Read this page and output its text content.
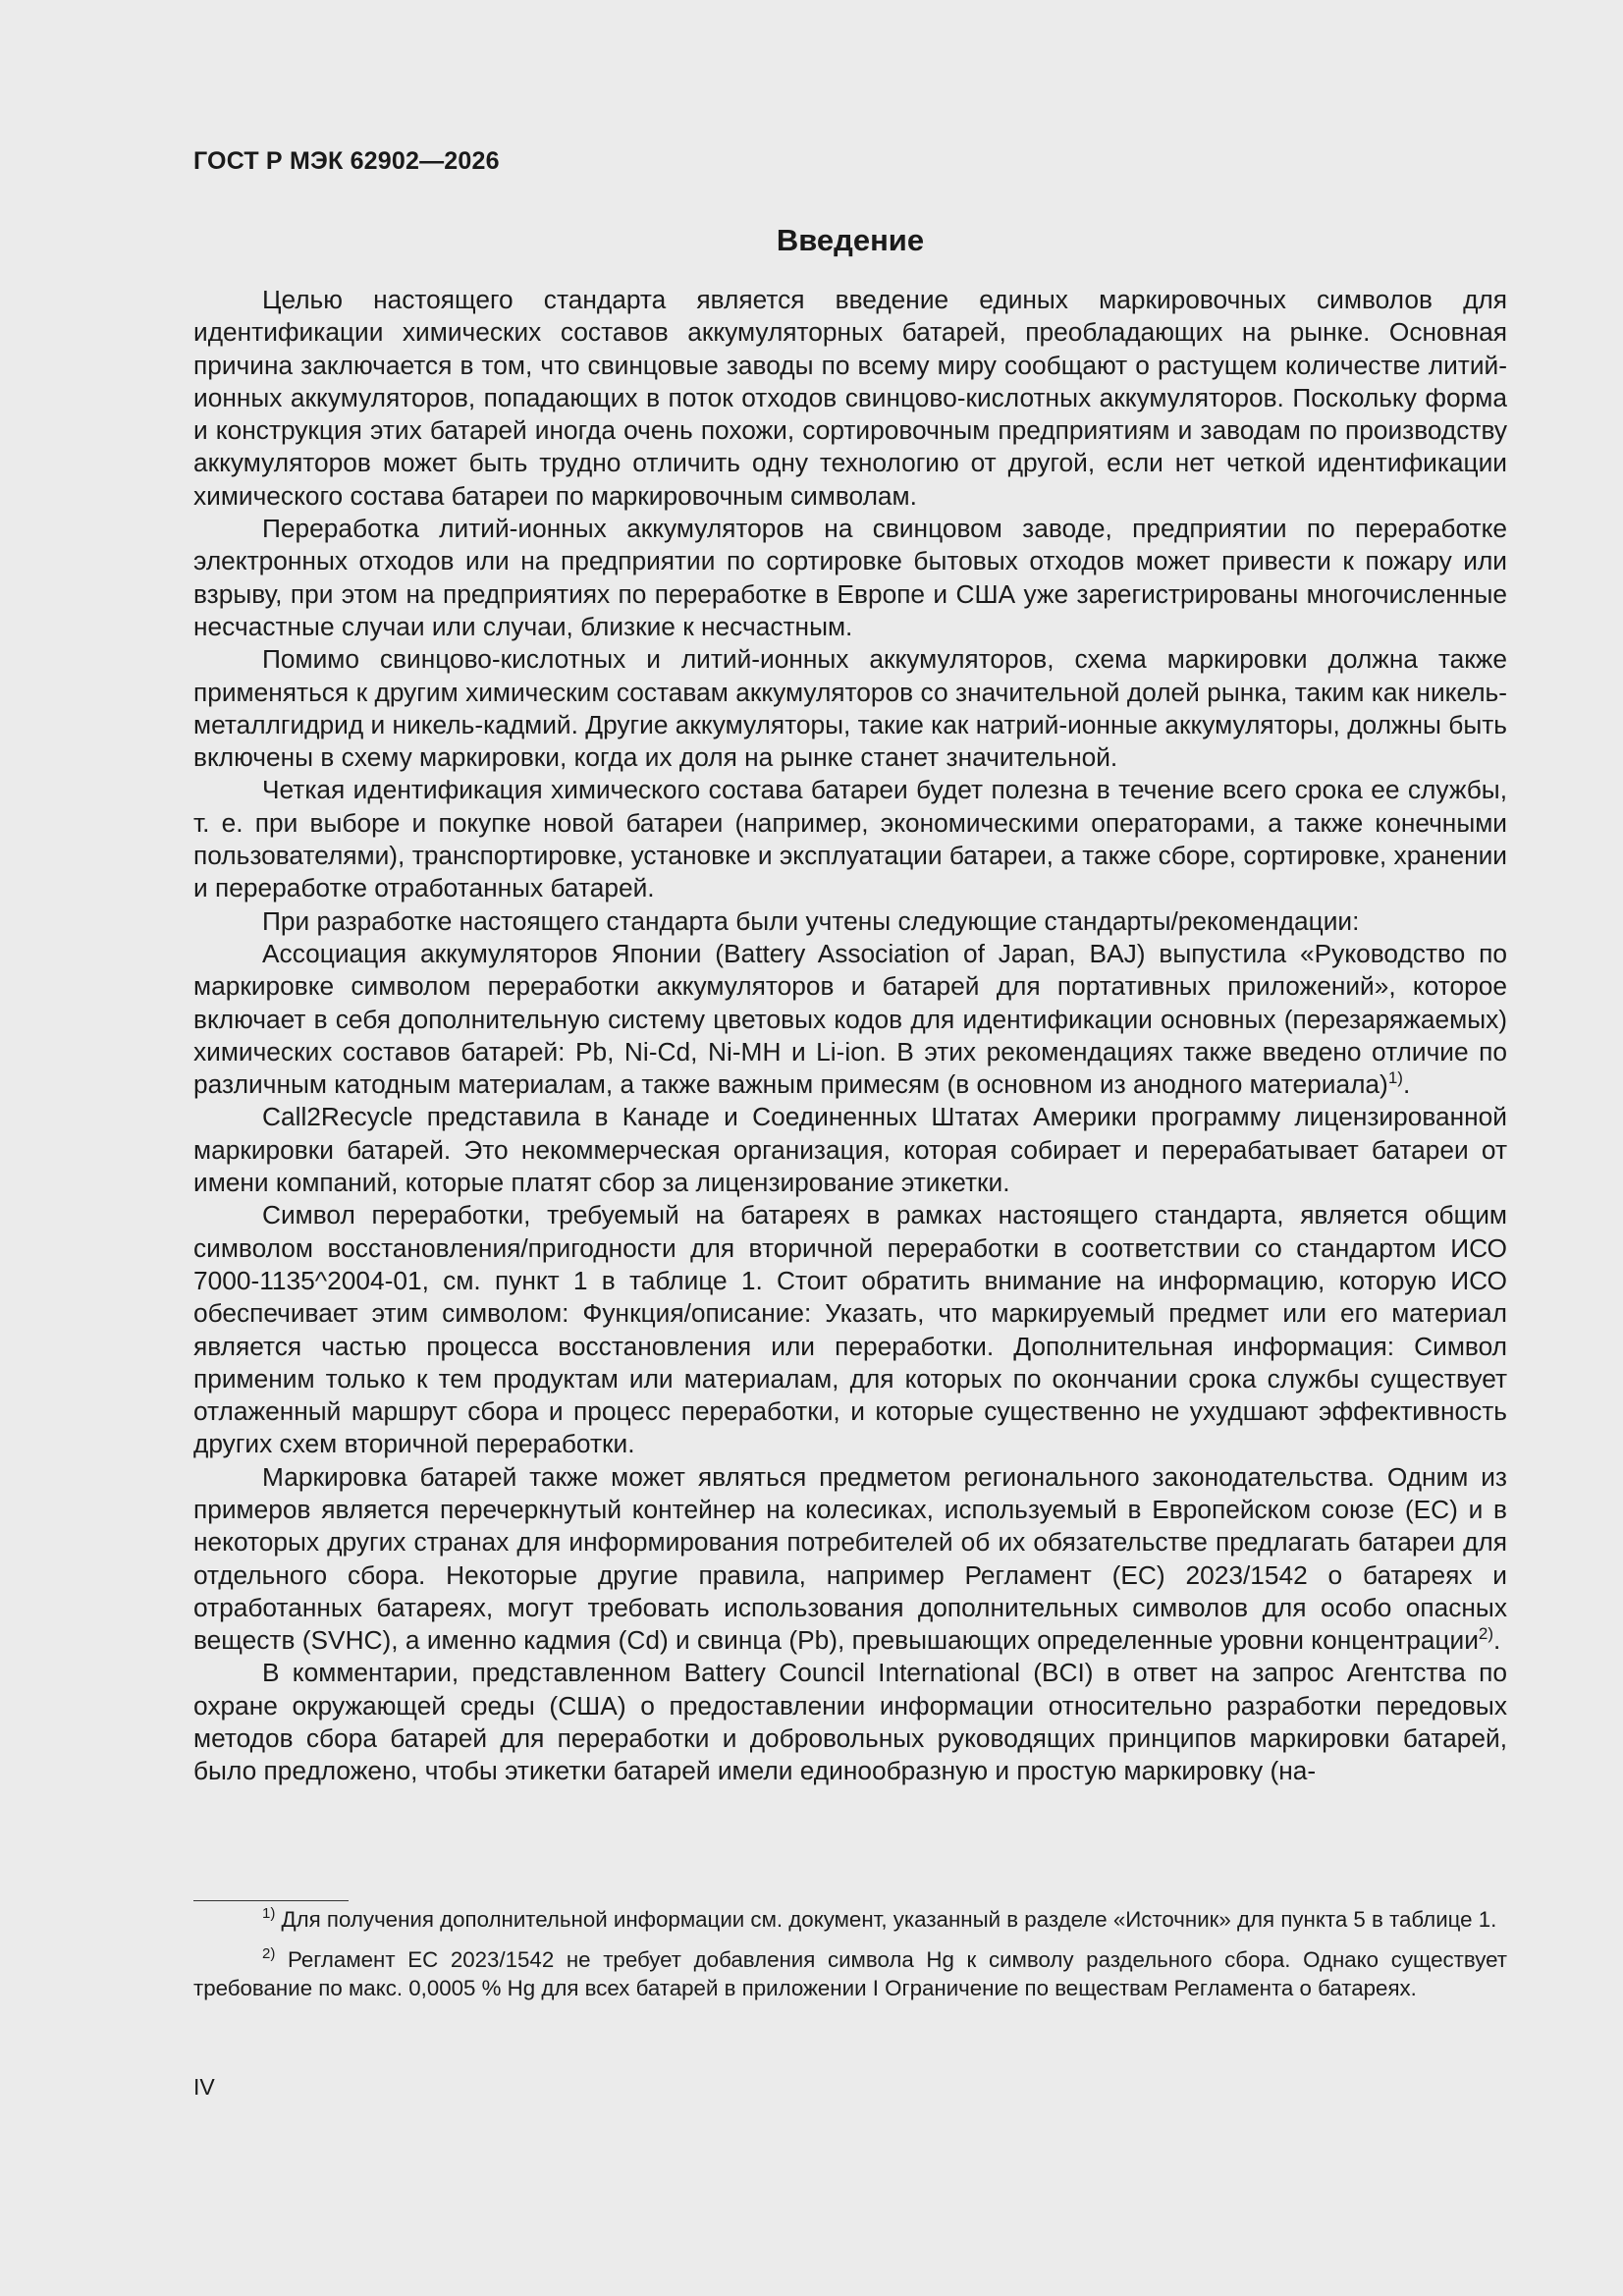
ГОСТ Р МЭК 62902—2026
Введение

Целью настоящего стандарта является введение единых маркировочных символов для идентификации химических составов аккумуляторных батарей, преобладающих на рынке. Основная причина заключается в том, что свинцовые заводы по всему миру сообщают о растущем количестве литий-ионных аккумуляторов, попадающих в поток отходов свинцово-кислотных аккумуляторов. Поскольку форма и конструкция этих батарей иногда очень похожи, сортировочным предприятиям и заводам по производству аккумуляторов может быть трудно отличить одну технологию от другой, если нет четкой идентификации химического состава батареи по маркировочным символам.

Переработка литий-ионных аккумуляторов на свинцовом заводе, предприятии по переработке электронных отходов или на предприятии по сортировке бытовых отходов может привести к пожару или взрыву, при этом на предприятиях по переработке в Европе и США уже зарегистрированы многочисленные несчастные случаи или случаи, близкие к несчастным.

Помимо свинцово-кислотных и литий-ионных аккумуляторов, схема маркировки должна также применяться к другим химическим составам аккумуляторов со значительной долей рынка, таким как никель-металлгидрид и никель-кадмий. Другие аккумуляторы, такие как натрий-ионные аккумуляторы, должны быть включены в схему маркировки, когда их доля на рынке станет значительной.

Четкая идентификация химического состава батареи будет полезна в течение всего срока ее службы, т. е. при выборе и покупке новой батареи (например, экономическими операторами, а также конечными пользователями), транспортировке, установке и эксплуатации батареи, а также сборе, сортировке, хранении и переработке отработанных батарей.

При разработке настоящего стандарта были учтены следующие стандарты/рекомендации:

Ассоциация аккумуляторов Японии (Battery Association of Japan, BAJ) выпустила «Руководство по маркировке символом переработки аккумуляторов и батарей для портативных приложений», которое включает в себя дополнительную систему цветовых кодов для идентификации основных (перезаряжаемых) химических составов батарей: Pb, Ni-Cd, Ni-MH и Li-ion. В этих рекомендациях также введено отличие по различным катодным материалам, а также важным примесям (в основном из анодного материала)$^{1)}$.

Call2Recycle представила в Канаде и Соединенных Штатах Америки программу лицензированной маркировки батарей. Это некоммерческая организация, которая собирает и перерабатывает батареи от имени компаний, которые платят сбор за лицензирование этикетки.

Символ переработки, требуемый на батареях в рамках настоящего стандарта, является общим символом восстановления/пригодности для вторичной переработки в соответствии со стандартом ИСО 7000-1135^2004-01, см. пункт 1 в таблице 1. Стоит обратить внимание на информацию, которую ИСО обеспечивает этим символом: Функция/описание: Указать, что маркируемый предмет или его материал является частью процесса восстановления или переработки. Дополнительная информация: Символ применим только к тем продуктам или материалам, для которых по окончании срока службы существует отлаженный маршрут сбора и процесс переработки, и которые существенно не ухудшают эффективность других схем вторичной переработки.

Маркировка батарей также может являться предметом регионального законодательства. Одним из примеров является перечеркнутый контейнер на колесиках, используемый в Европейском союзе (ЕС) и в некоторых других странах для информирования потребителей об их обязательстве предлагать батареи для отдельного сбора. Некоторые другие правила, например Регламент (ЕС) 2023/1542 о батареях и отработанных батареях, могут требовать использования дополнительных символов для особо опасных веществ (SVHC), а именно кадмия (Cd) и свинца (Pb), превышающих определенные уровни концентрации$^{2)}$.

В комментарии, представленном Battery Council International (BCI) в ответ на запрос Агентства по охране окружающей среды (США) о предоставлении информации относительно разработки передовых методов сбора батарей для переработки и добровольных руководящих принципов маркировки батарей, было предложено, чтобы этикетки батарей имели единообразную и простую маркировку (на-

$^{1)}$ Для получения дополнительной информации см. документ, указанный в разделе «Источник» для пункта 5 в таблице 1.

$^{2)}$ Регламент ЕС 2023/1542 не требует добавления символа Hg к символу раздельного сбора. Однако существует требование по макс. 0,0005 % Hg для всех батарей в приложении I Ограничение по веществам Регламента о батареях.

IV
